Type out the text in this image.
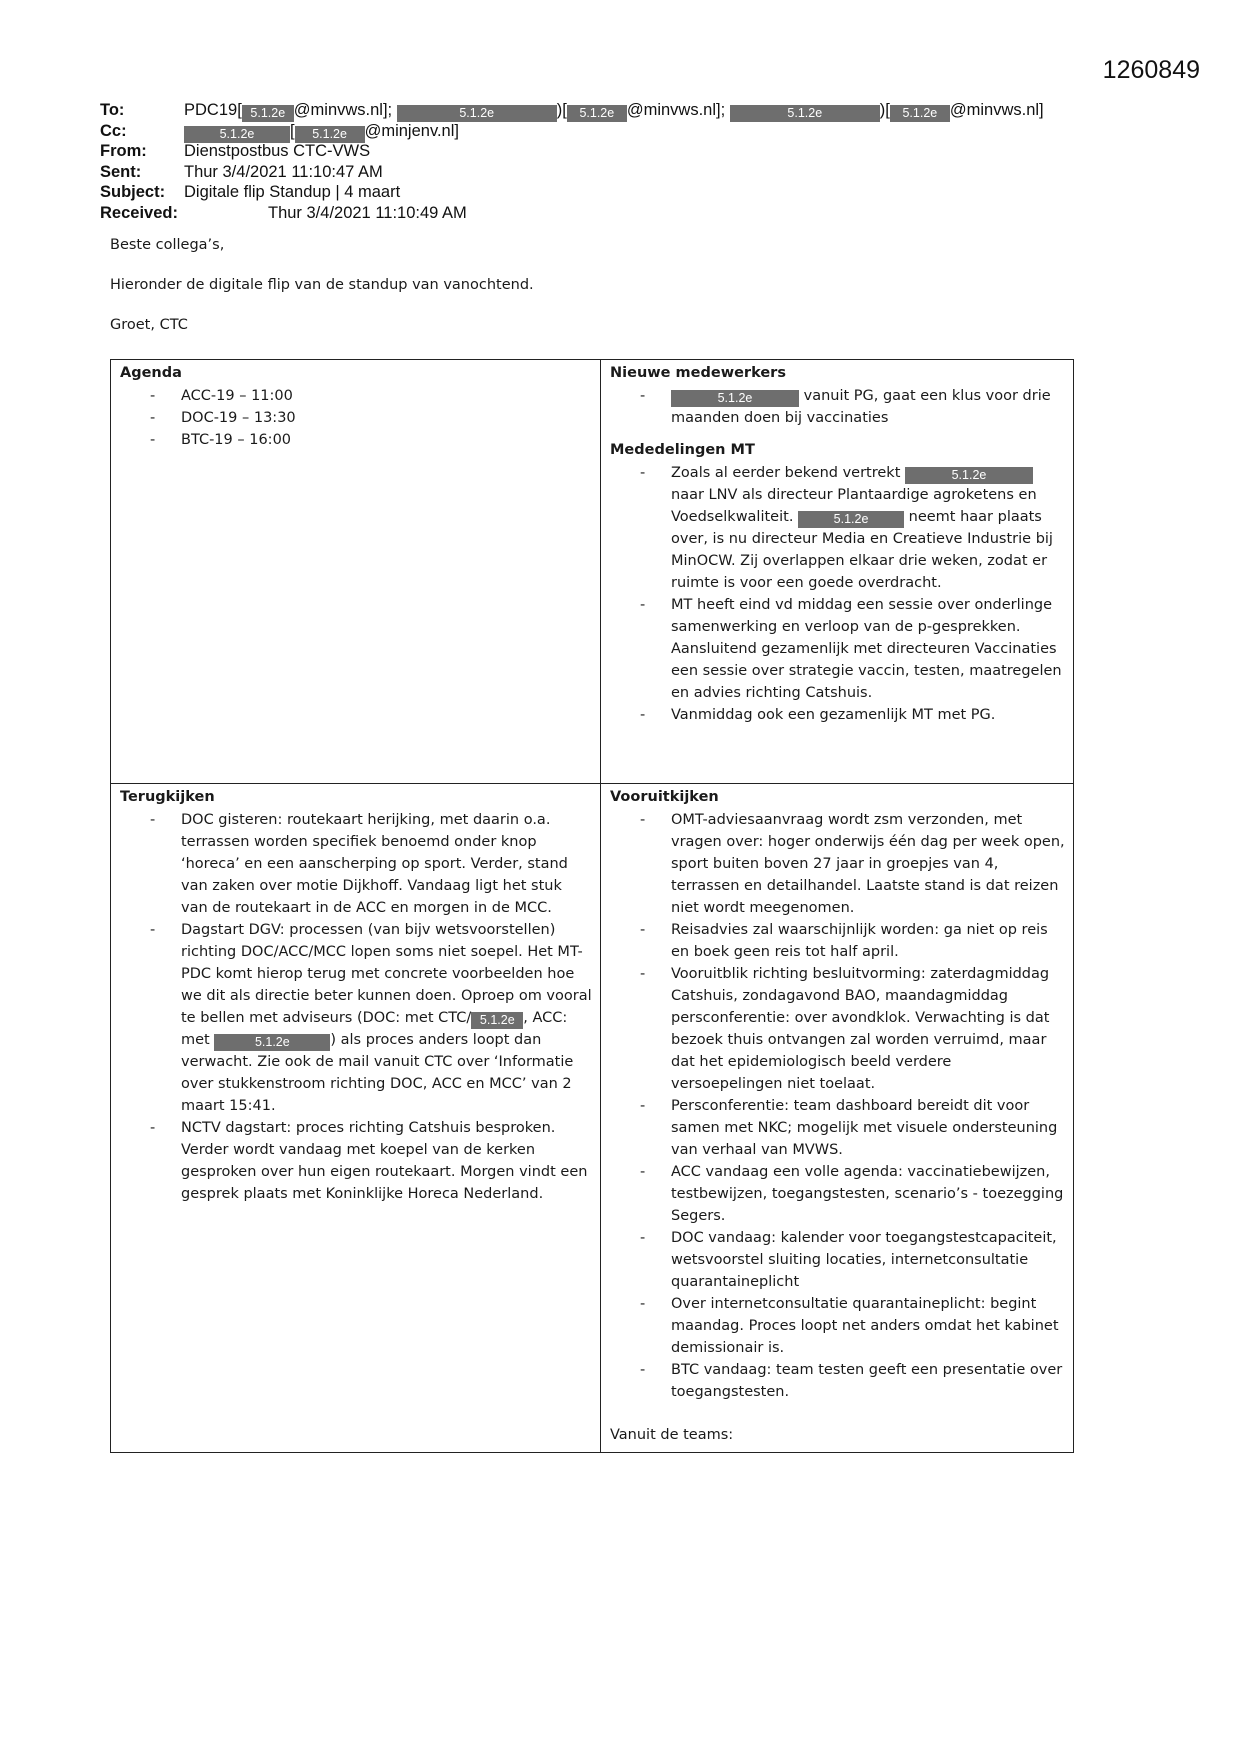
1260849
To:	PDC19[ 5.1.2e @minvws.nl];	5.1.2e	)[ 5.1.2e @minvws.nl];	5.1.2e	)[ 5.1.2e @minvws.nl]
Cc:	5.1.2e [ 5.1.2e @minjenv.nl]
From: Dienstpostbus CTC-VWS
Sent:	Thur 3/4/2021 11:10:47 AM
Subject: Digitale flip Standup | 4 maart
Received:	Thur 3/4/2021 11:10:49 AM

Beste collega’s,

Hieronder de digitale flip van de standup van vanochtend.

Groet, CTC

Agenda

- ACC-19 – 11:00
- DOC-19 – 13:30
- BTC-19 – 16:00

Nieuwe medewerkers

- 5.1.2e	vanuit PG, gaat een klus voor drie maanden doen bij vaccinaties

Mededelingen MT

- Zoals al eerder bekend vertrekt	5.1.2e naar LNV als directeur Plantaardige agroketens en Voedselkwaliteit.	5.1.2e	neemt haar plaats over, is nu directeur Media en Creatieve Industrie bij MinOCW. Zij overlappen elkaar drie weken, zodat er ruimte is voor een goede overdracht.
- MT heeft eind vd middag een sessie over onderlinge samenwerking en verloop van de p-gesprekken. Aansluitend gezamenlijk met directeuren Vaccinaties een sessie over strategie vaccin, testen, maatregelen en advies richting Catshuis.
- Vanmiddag ook een gezamenlijk MT met PG.

Terugkijken

- DOC gisteren: routekaart herijking, met daarin o.a. terrassen worden specifiek benoemd onder knop ‘horeca’ en een aanscherping op sport. Verder, stand van zaken over motie Dijkhoff. Vandaag ligt het stuk van de routekaart in de ACC en morgen in de MCC.
- Dagstart DGV: processen (van bijv wetsvoorstellen) richting DOC/ACC/MCC lopen soms niet soepel. Het MT-PDC komt hierop terug met concrete voorbeelden hoe we dit als directie beter kunnen doen. Oproep om vooral te bellen met adviseurs (DOC: met CTC/ 5.1.2e , ACC: met	5.1.2e	) als proces anders loopt dan verwacht. Zie ook de mail vanuit CTC over ‘Informatie over stukkenstroom richting DOC, ACC en MCC’ van 2 maart 15:41.
- NCTV dagstart: proces richting Catshuis besproken. Verder wordt vandaag met koepel van de kerken gesproken over hun eigen routekaart. Morgen vindt een gesprek plaats met Koninklijke Horeca Nederland.

Vooruitkijken

- OMT-adviesaanvraag wordt zsm verzonden, met vragen over: hoger onderwijs één dag per week open, sport buiten boven 27 jaar in groepjes van 4, terrassen en detailhandel. Laatste stand is dat reizen niet wordt meegenomen.
- Reisadvies zal waarschijnlijk worden: ga niet op reis en boek geen reis tot half april.
- Vooruitblik richting besluitvorming: zaterdagmiddag Catshuis, zondagavond BAO, maandagmiddag persconferentie: over avondklok. Verwachting is dat bezoek thuis ontvangen zal worden verruimd, maar dat het epidemiologisch beeld verdere versoepelingen niet toelaat.
- Persconferentie: team dashboard bereidt dit voor samen met NKC; mogelijk met visuele ondersteuning van verhaal van MVWS.
- ACC vandaag een volle agenda: vaccinatiebewijzen, testbewijzen, toegangstesten, scenario’s - toezegging Segers.
- DOC vandaag: kalender voor toegangstestcapaciteit, wetsvoorstel sluiting locaties, internetconsultatie quarantaineplicht
- Over internetconsultatie quarantaineplicht: begint maandag. Proces loopt net anders omdat het kabinet demissionair is.
- BTC vandaag: team testen geeft een presentatie over toegangstesten.
Vanuit de teams:
